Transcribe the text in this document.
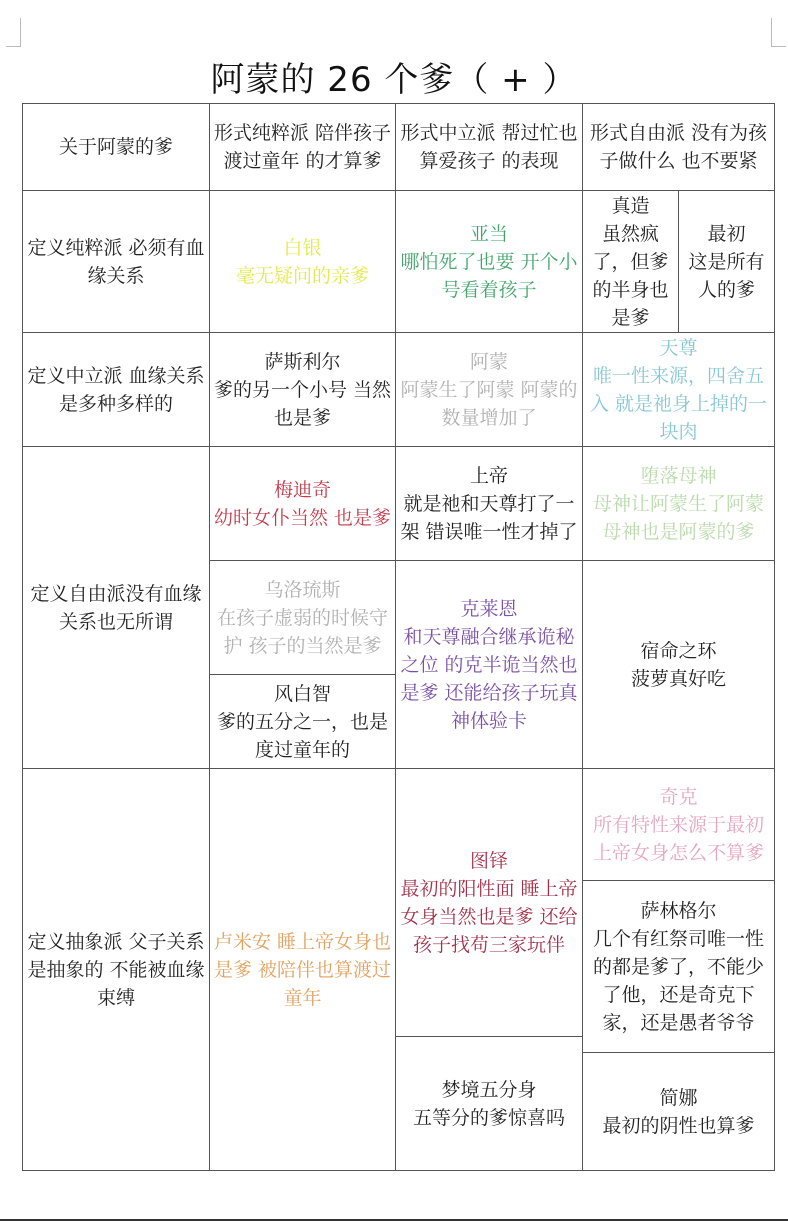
阿蒙的 26 个爹（ + ）
关于阿蒙的爹
形式纯粹派 陪伴孩子渡过童年 的才算爹
形式中立派 帮过忙也算爱孩子 的表现
形式自由派 没有为孩子做什么 也不要紧
定义纯粹派 必须有血缘关系
白银
毫无疑问的亲爹
亚当
哪怕死了也要 开个小号看着孩子
真造
虽然疯了，但爹的半身也是爹
最初
这是所有人的爹
定义中立派 血缘关系是多种多样的
萨斯利尔
爹的另一个小号 当然也是爹
阿蒙
阿蒙生了阿蒙 阿蒙的数量增加了
天尊
唯一性来源，四舍五入 就是祂身上掉的一块肉
定义自由派没有血缘关系也无所谓
梅迪奇
幼时女仆当然 也是爹
上帝
就是祂和天尊打了一架 错误唯一性才掉了
堕落母神
母神让阿蒙生了阿蒙 母神也是阿蒙的爹
乌洛琉斯
在孩子虚弱的时候守护 孩子的当然是爹
克莱恩
和天尊融合继承诡秘之位 的克半诡当然也是爹 还能给孩子玩真神体验卡
宿命之环
菠萝真好吃
风白智
爹的五分之一，也是度过童年的
定义抽象派 父子关系是抽象的 不能被血缘束缚
卢米安 睡上帝女身也是爹 被陪伴也算渡过童年
图铎
最初的阳性面 睡上帝女身当然也是爹 还给孩子找苟三家玩伴
奇克
所有特性来源于最初 上帝女身怎么不算爹
萨林格尔
几个有红祭司唯一性的都是爹了，不能少了他，还是奇克下家，还是愚者爷爷
梦境五分身
五等分的爹惊喜吗
简娜
最初的阴性也算爹
